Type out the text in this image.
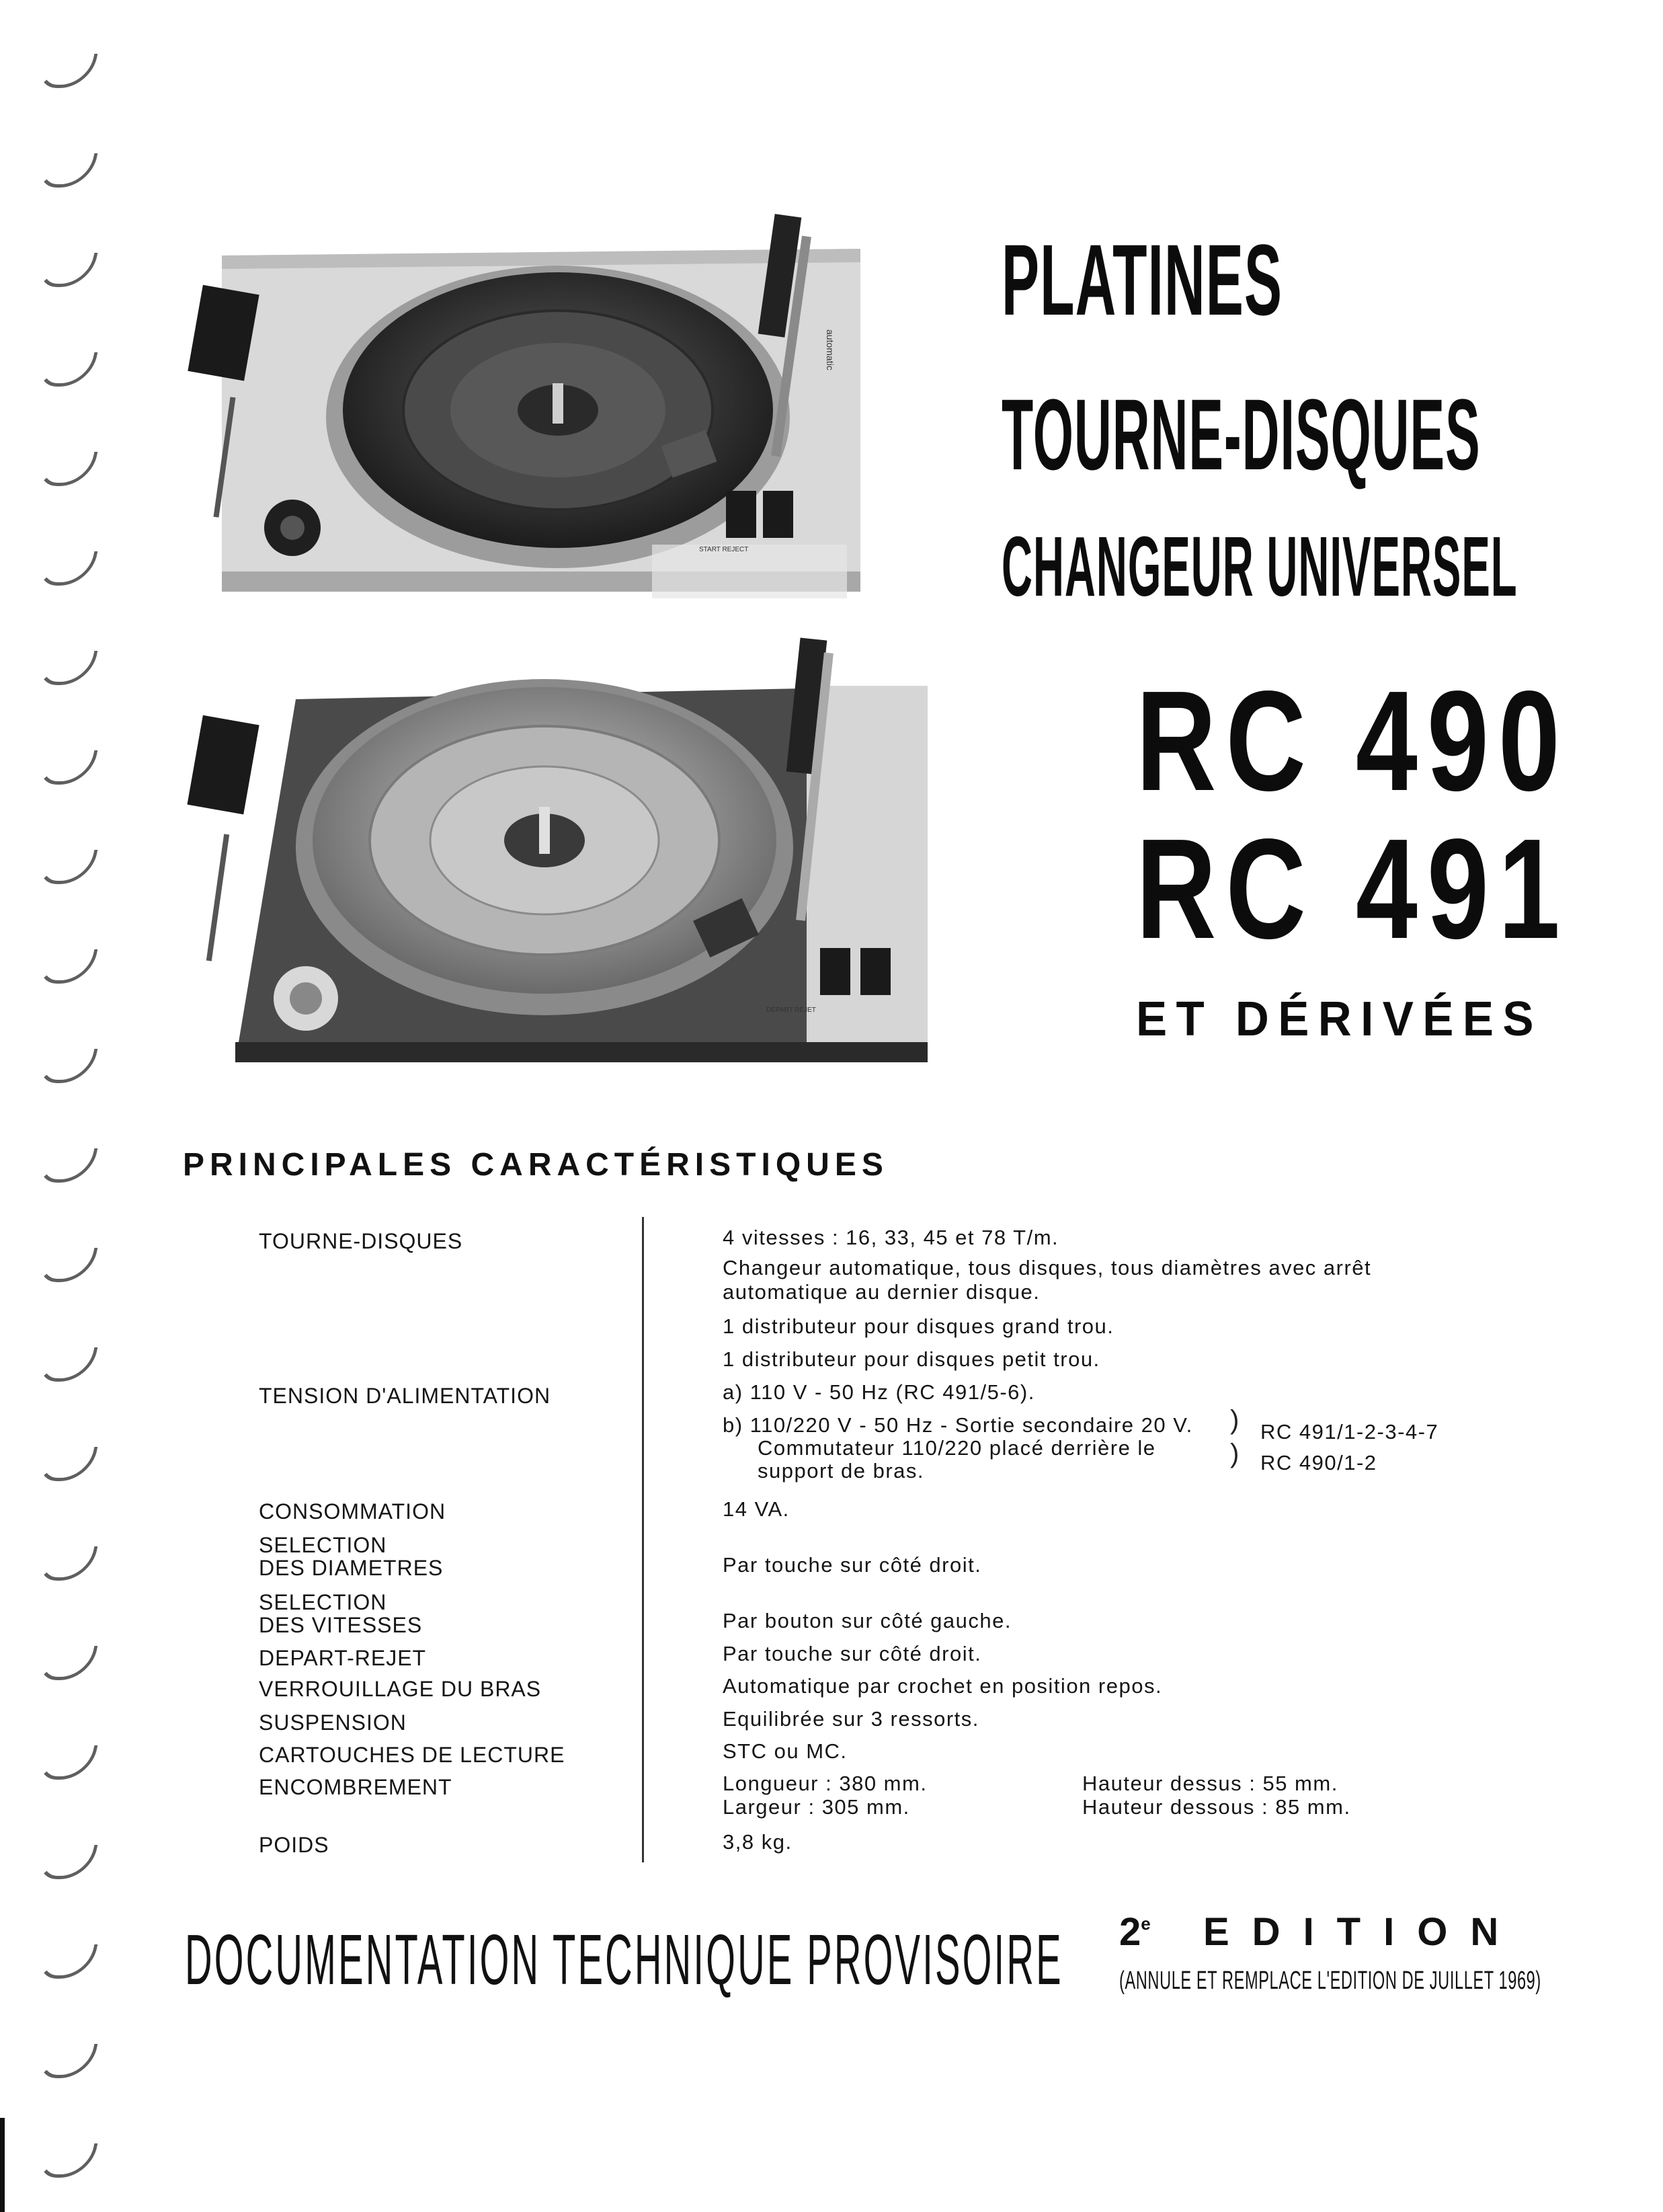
START REJECT
automatic
DEPART REJET
PLATINES
TOURNE-DISQUES
CHANGEUR UNIVERSEL
RC 490
RC 491
ET DÉRIVÉES
PRINCIPALES CARACTÉRISTIQUES
TOURNE-DISQUES
TENSION D'ALIMENTATION
CONSOMMATION
SELECTION
DES DIAMETRES
SELECTION
DES VITESSES
DEPART-REJET
VERROUILLAGE DU BRAS
SUSPENSION
CARTOUCHES DE LECTURE
ENCOMBREMENT
POIDS
4 vitesses : 16, 33, 45 et 78 T/m.
Changeur automatique, tous disques, tous diamètres avec arrêt
automatique au dernier disque.
1 distributeur pour disques grand trou.
1 distributeur pour disques petit trou.
a) 110 V - 50 Hz (RC 491/5-6).
b) 110/220 V - 50 Hz - Sortie secondaire 20 V.
Commutateur 110/220 placé derrière le
support de bras.
)
)
RC 491/1-2-3-4-7
RC 490/1-2
14 VA.
Par touche sur côté droit.
Par bouton sur côté gauche.
Par touche sur côté droit.
Automatique par crochet en position repos.
Equilibrée sur 3 ressorts.
STC ou MC.
Longueur : 380 mm.
Largeur : 305 mm.
Hauteur dessus : 55 mm.
Hauteur dessous : 85 mm.
3,8 kg.
DOCUMENTATION TECHNIQUE PROVISOIRE 2e EDITION
(ANNULE ET REMPLACE L'EDITION DE JUILLET 1969)
